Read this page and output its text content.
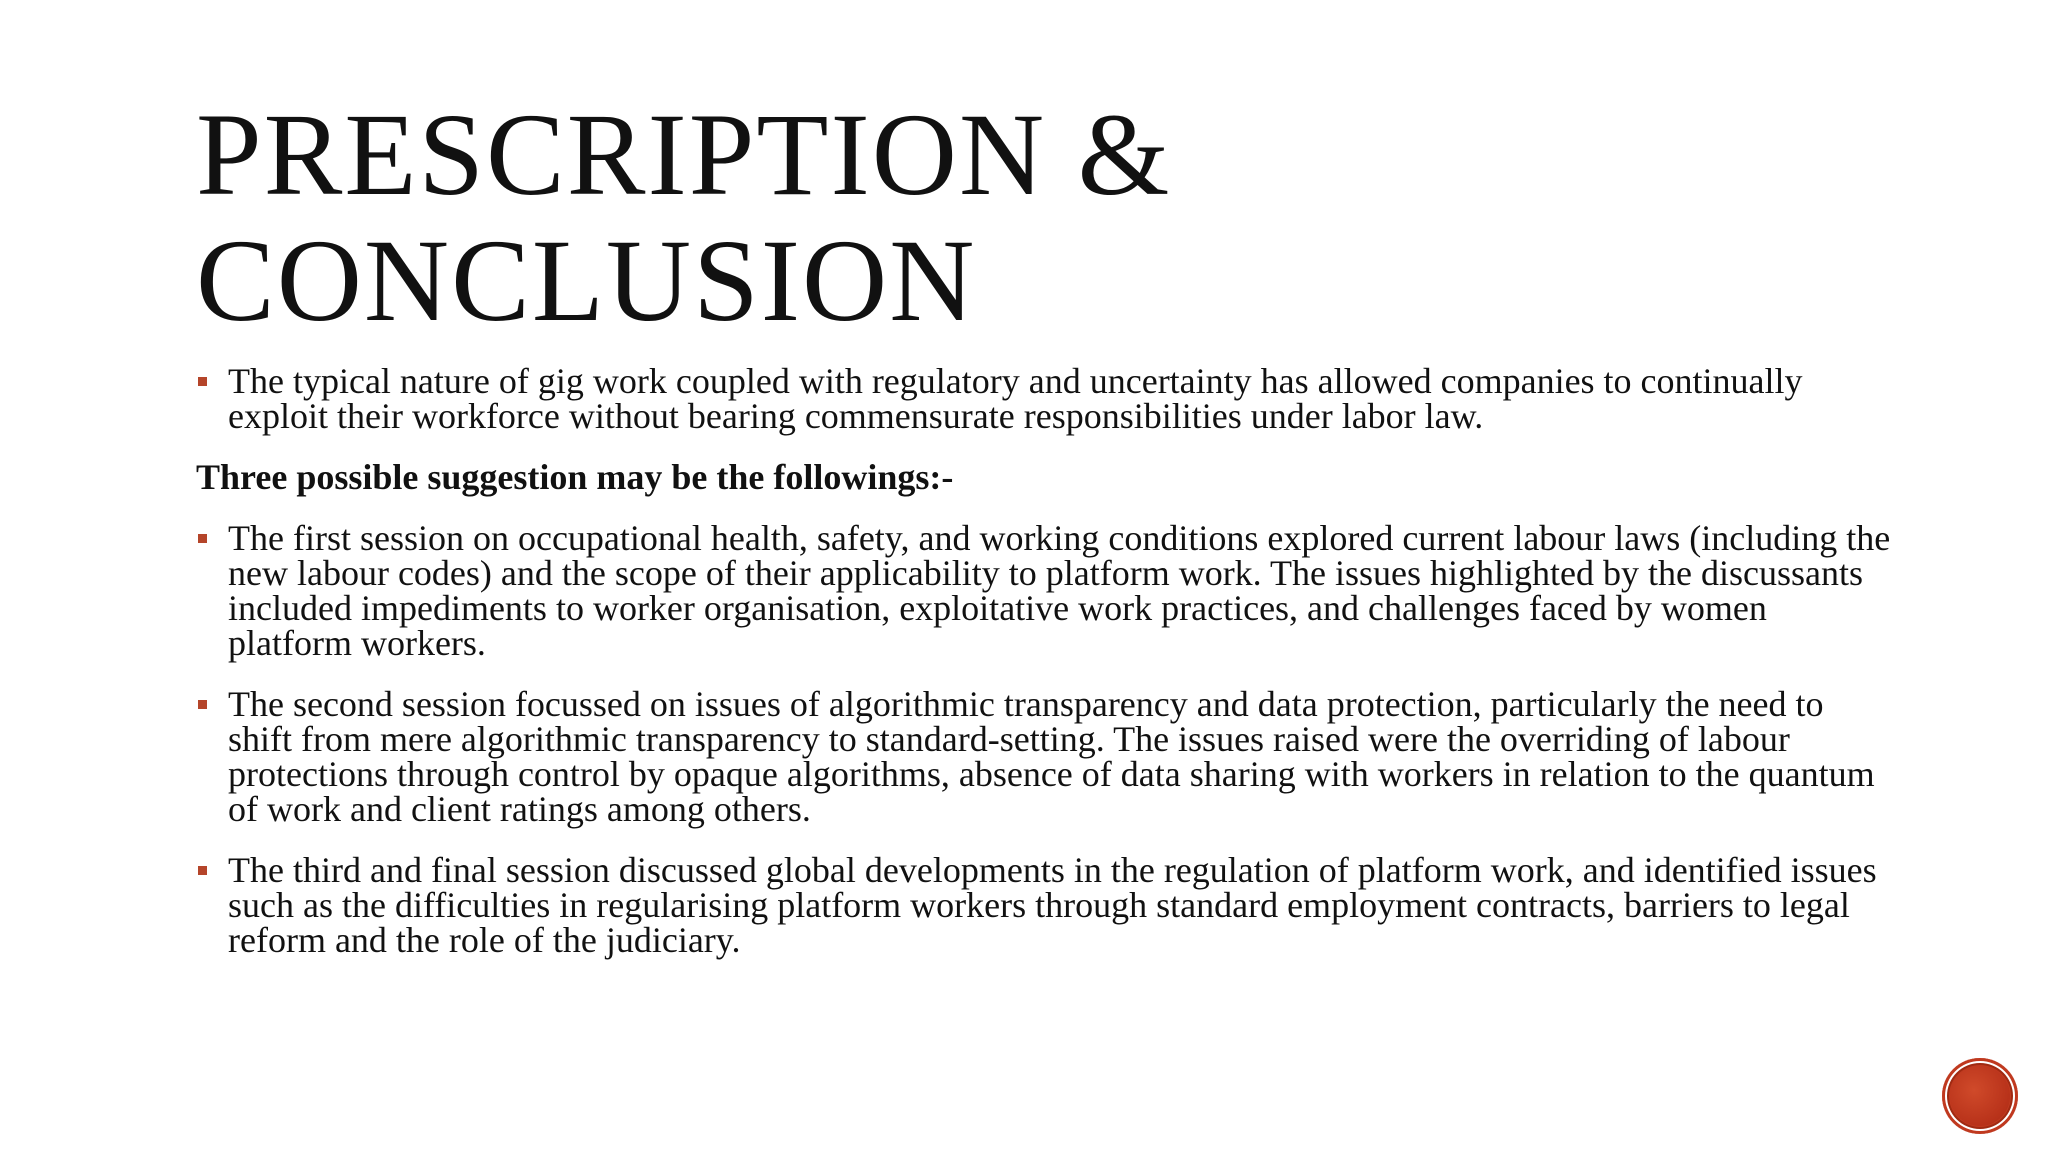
PRESCRIPTION &
CONCLUSION
The typical nature of gig work coupled with regulatory and uncertainty has allowed companies to continually exploit their workforce without bearing commensurate responsibilities under labor law.
Three possible suggestion may be the followings:-
The first session on occupational health, safety, and working conditions explored current labour laws (including the new labour codes) and the scope of their applicability to platform work. The issues highlighted by the discussants included impediments to worker organisation, exploitative work practices, and challenges faced by women platform workers.
The second session focussed on issues of algorithmic transparency and data protection, particularly the need to shift from mere algorithmic transparency to standard-setting. The issues raised were the overriding of labour protections through control by opaque algorithms, absence of data sharing with workers in relation to the quantum of work and client ratings among others.
The third and final session discussed global developments in the regulation of platform work, and identified issues such as the difficulties in regularising platform workers through standard employment contracts, barriers to legal reform and the role of the judiciary.
